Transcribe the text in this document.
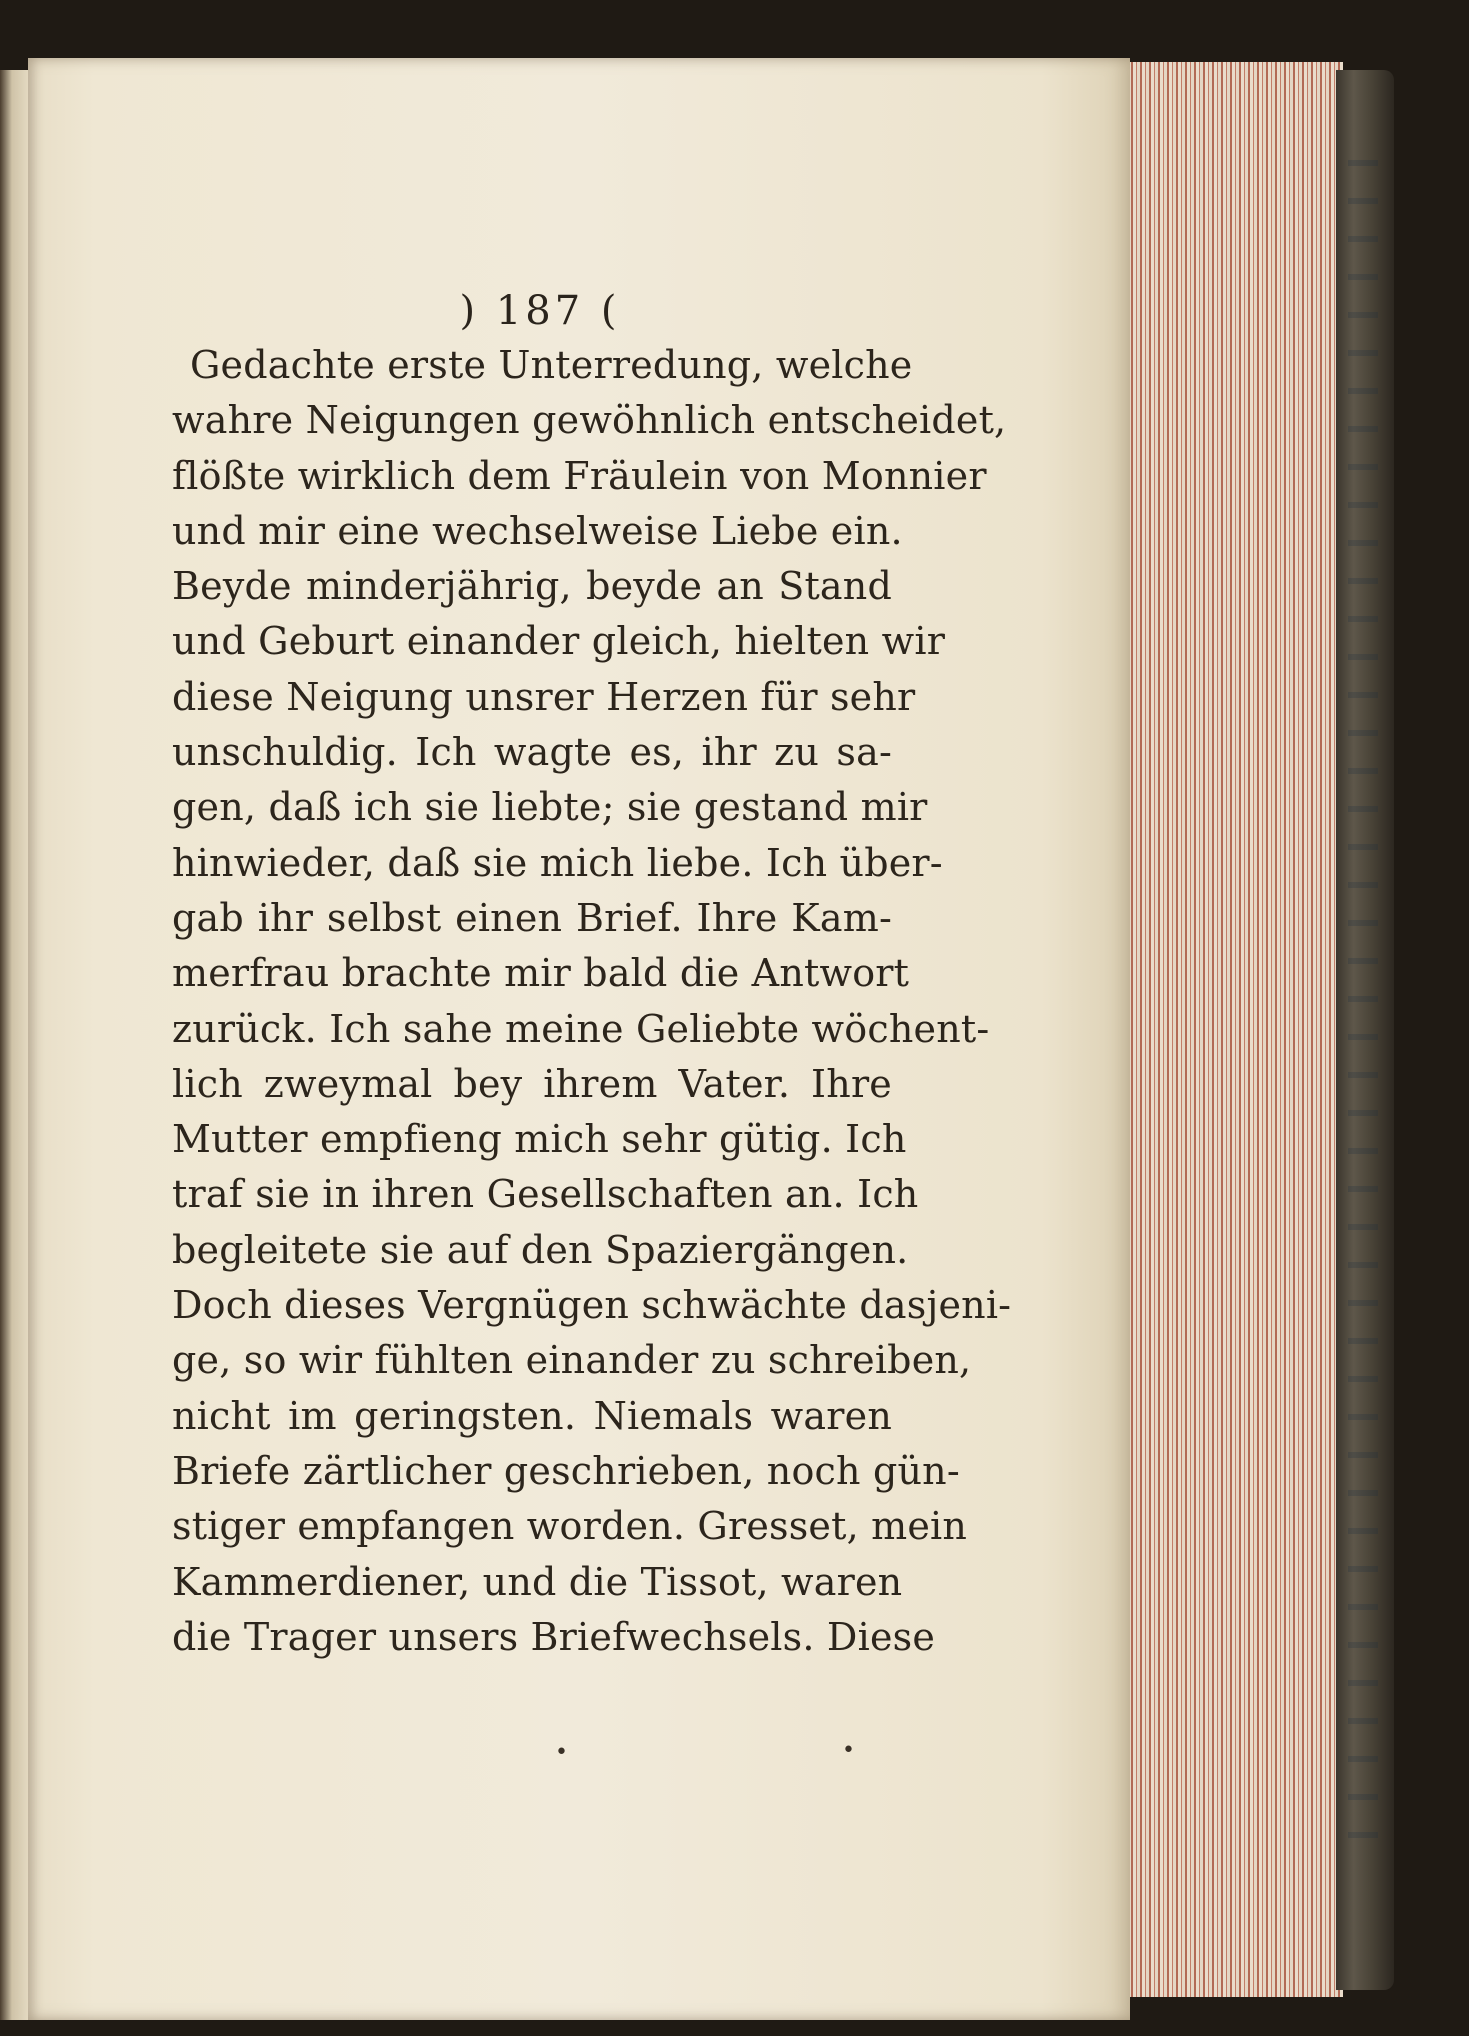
) 187 (
Gedachte erste Unterredung, welche
wahre Neigungen gewöhnlich entscheidet,
flößte wirklich dem Fräulein von Monnier
und mir eine wechselweise Liebe ein.
Beyde minderjährig, beyde an Stand
und Geburt einander gleich, hielten wir
diese Neigung unsrer Herzen für sehr
unschuldig. Ich wagte es, ihr zu sa-
gen, daß ich sie liebte; sie gestand mir
hinwieder, daß sie mich liebe. Ich über-
gab ihr selbst einen Brief. Ihre Kam-
merfrau brachte mir bald die Antwort
zurück. Ich sahe meine Geliebte wöchent-
lich zweymal bey ihrem Vater. Ihre
Mutter empfieng mich sehr gütig. Ich
traf sie in ihren Gesellschaften an. Ich
begleitete sie auf den Spaziergängen.
Doch dieses Vergnügen schwächte dasjeni-
ge, so wir fühlten einander zu schreiben,
nicht im geringsten. Niemals waren
Briefe zärtlicher geschrieben, noch gün-
stiger empfangen worden. Gresset, mein
Kammerdiener, und die Tissot, waren
die Trager unsers Briefwechsels. Diese
•	•
